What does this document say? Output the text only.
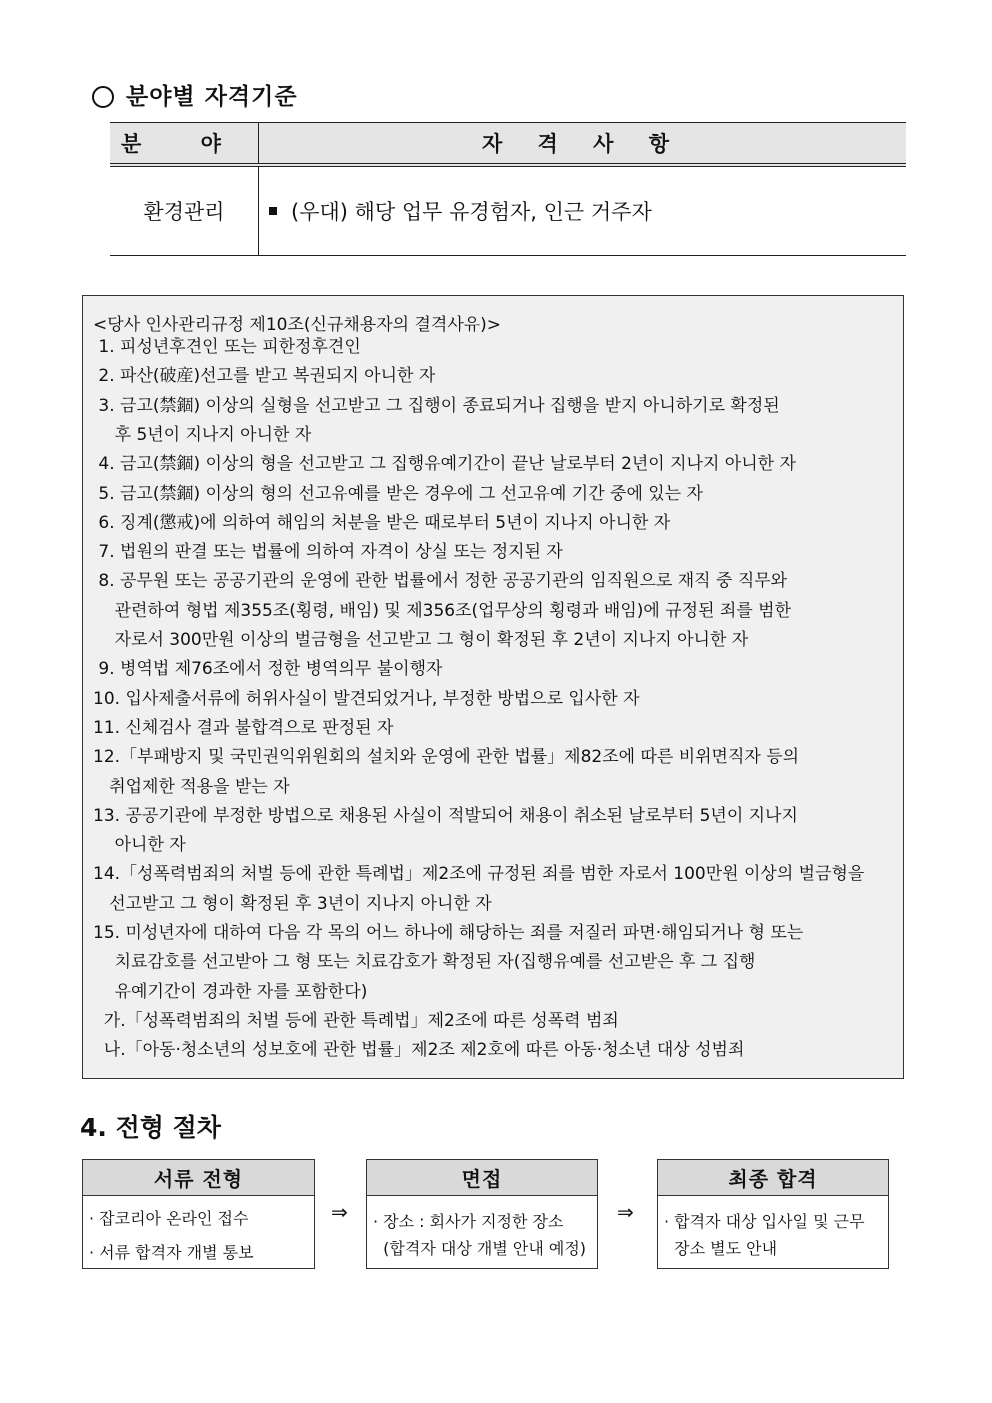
분야별 자격기준
분 야	자 격 사 항
환경관리	(우대) 해당 업무 유경험자, 인근 거주자
<당사 인사관리규정 제10조(신규채용자의 결격사유)>
1. 피성년후견인 또는 피한정후견인
2. 파산(破産)선고를 받고 복권되지 아니한 자
3. 금고(禁錮) 이상의 실형을 선고받고 그 집행이 종료되거나 집행을 받지 아니하기로 확정된
후 5년이 지나지 아니한 자
4. 금고(禁錮) 이상의 형을 선고받고 그 집행유예기간이 끝난 날로부터 2년이 지나지 아니한 자
5. 금고(禁錮) 이상의 형의 선고유예를 받은 경우에 그 선고유예 기간 중에 있는 자
6. 징계(懲戒)에 의하여 해임의 처분을 받은 때로부터 5년이 지나지 아니한 자
7. 법원의 판결 또는 법률에 의하여 자격이 상실 또는 정지된 자
8. 공무원 또는 공공기관의 운영에 관한 법률에서 정한 공공기관의 임직원으로 재직 중 직무와
관련하여 형법 제355조(횡령, 배임) 및 제356조(업무상의 횡령과 배임)에 규정된 죄를 범한
자로서 300만원 이상의 벌금형을 선고받고 그 형이 확정된 후 2년이 지나지 아니한 자
9. 병역법 제76조에서 정한 병역의무 불이행자
10. 입사제출서류에 허위사실이 발견되었거나, 부정한 방법으로 입사한 자
11. 신체검사 결과 불합격으로 판정된 자
12.「부패방지 및 국민권익위원회의 설치와 운영에 관한 법률」제82조에 따른 비위면직자 등의
취업제한 적용을 받는 자
13. 공공기관에 부정한 방법으로 채용된 사실이 적발되어 채용이 취소된 날로부터 5년이 지나지
아니한 자
14.「성폭력범죄의 처벌 등에 관한 특례법」제2조에 규정된 죄를 범한 자로서 100만원 이상의 벌금형을
선고받고 그 형이 확정된 후 3년이 지나지 아니한 자
15. 미성년자에 대하여 다음 각 목의 어느 하나에 해당하는 죄를 저질러 파면·해임되거나 형 또는
치료감호를 선고받아 그 형 또는 치료감호가 확정된 자(집행유예를 선고받은 후 그 집행
유예기간이 경과한 자를 포함한다)
가.「성폭력범죄의 처벌 등에 관한 특례법」제2조에 따른 성폭력 범죄
나.「아동·청소년의 성보호에 관한 법률」제2조 제2호에 따른 아동·청소년 대상 성범죄
4. 전형 절차
서류 전형
· 잡코리아 온라인 접수
· 서류 합격자 개별 통보
⇒
면접
· 장소 : 회사가 지정한 장소
(합격자 대상 개별 안내 예정)
⇒
최종 합격
· 합격자 대상 입사일 및 근무
장소 별도 안내
